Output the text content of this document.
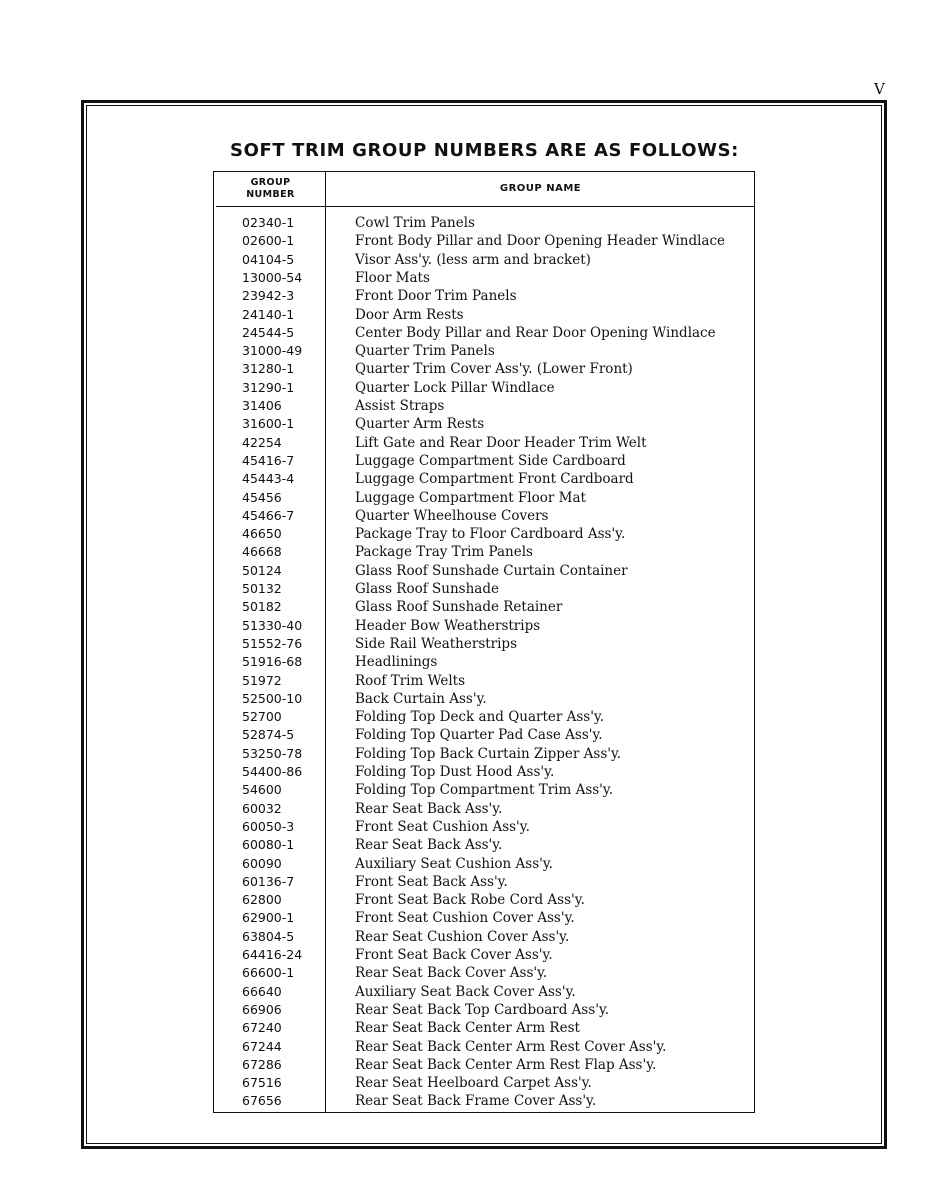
V
SOFT TRIM GROUP NUMBERS ARE AS FOLLOWS:
GROUP
NUMBER
GROUP NAME
02340-1	Cowl Trim Panels
02600-1	Front Body Pillar and Door Opening Header Windlace
04104-5	Visor Ass'y. (less arm and bracket)
13000-54	Floor Mats
23942-3	Front Door Trim Panels
24140-1	Door Arm Rests
24544-5	Center Body Pillar and Rear Door Opening Windlace
31000-49	Quarter Trim Panels
31280-1	Quarter Trim Cover Ass'y. (Lower Front)
31290-1	Quarter Lock Pillar Windlace
31406	Assist Straps
31600-1	Quarter Arm Rests
42254	Lift Gate and Rear Door Header Trim Welt
45416-7	Luggage Compartment Side Cardboard
45443-4	Luggage Compartment Front Cardboard
45456	Luggage Compartment Floor Mat
45466-7	Quarter Wheelhouse Covers
46650	Package Tray to Floor Cardboard Ass'y.
46668	Package Tray Trim Panels
50124	Glass Roof Sunshade Curtain Container
50132	Glass Roof Sunshade
50182	Glass Roof Sunshade Retainer
51330-40	Header Bow Weatherstrips
51552-76	Side Rail Weatherstrips
51916-68	Headlinings
51972	Roof Trim Welts
52500-10	Back Curtain Ass'y.
52700	Folding Top Deck and Quarter Ass'y.
52874-5	Folding Top Quarter Pad Case Ass'y.
53250-78	Folding Top Back Curtain Zipper Ass'y.
54400-86	Folding Top Dust Hood Ass'y.
54600	Folding Top Compartment Trim Ass'y.
60032	Rear Seat Back Ass'y.
60050-3	Front Seat Cushion Ass'y.
60080-1	Rear Seat Back Ass'y.
60090	Auxiliary Seat Cushion Ass'y.
60136-7	Front Seat Back Ass'y.
62800	Front Seat Back Robe Cord Ass'y.
62900-1	Front Seat Cushion Cover Ass'y.
63804-5	Rear Seat Cushion Cover Ass'y.
64416-24	Front Seat Back Cover Ass'y.
66600-1	Rear Seat Back Cover Ass'y.
66640	Auxiliary Seat Back Cover Ass'y.
66906	Rear Seat Back Top Cardboard Ass'y.
67240	Rear Seat Back Center Arm Rest
67244	Rear Seat Back Center Arm Rest Cover Ass'y.
67286	Rear Seat Back Center Arm Rest Flap Ass'y.
67516	Rear Seat Heelboard Carpet Ass'y.
67656	Rear Seat Back Frame Cover Ass'y.
